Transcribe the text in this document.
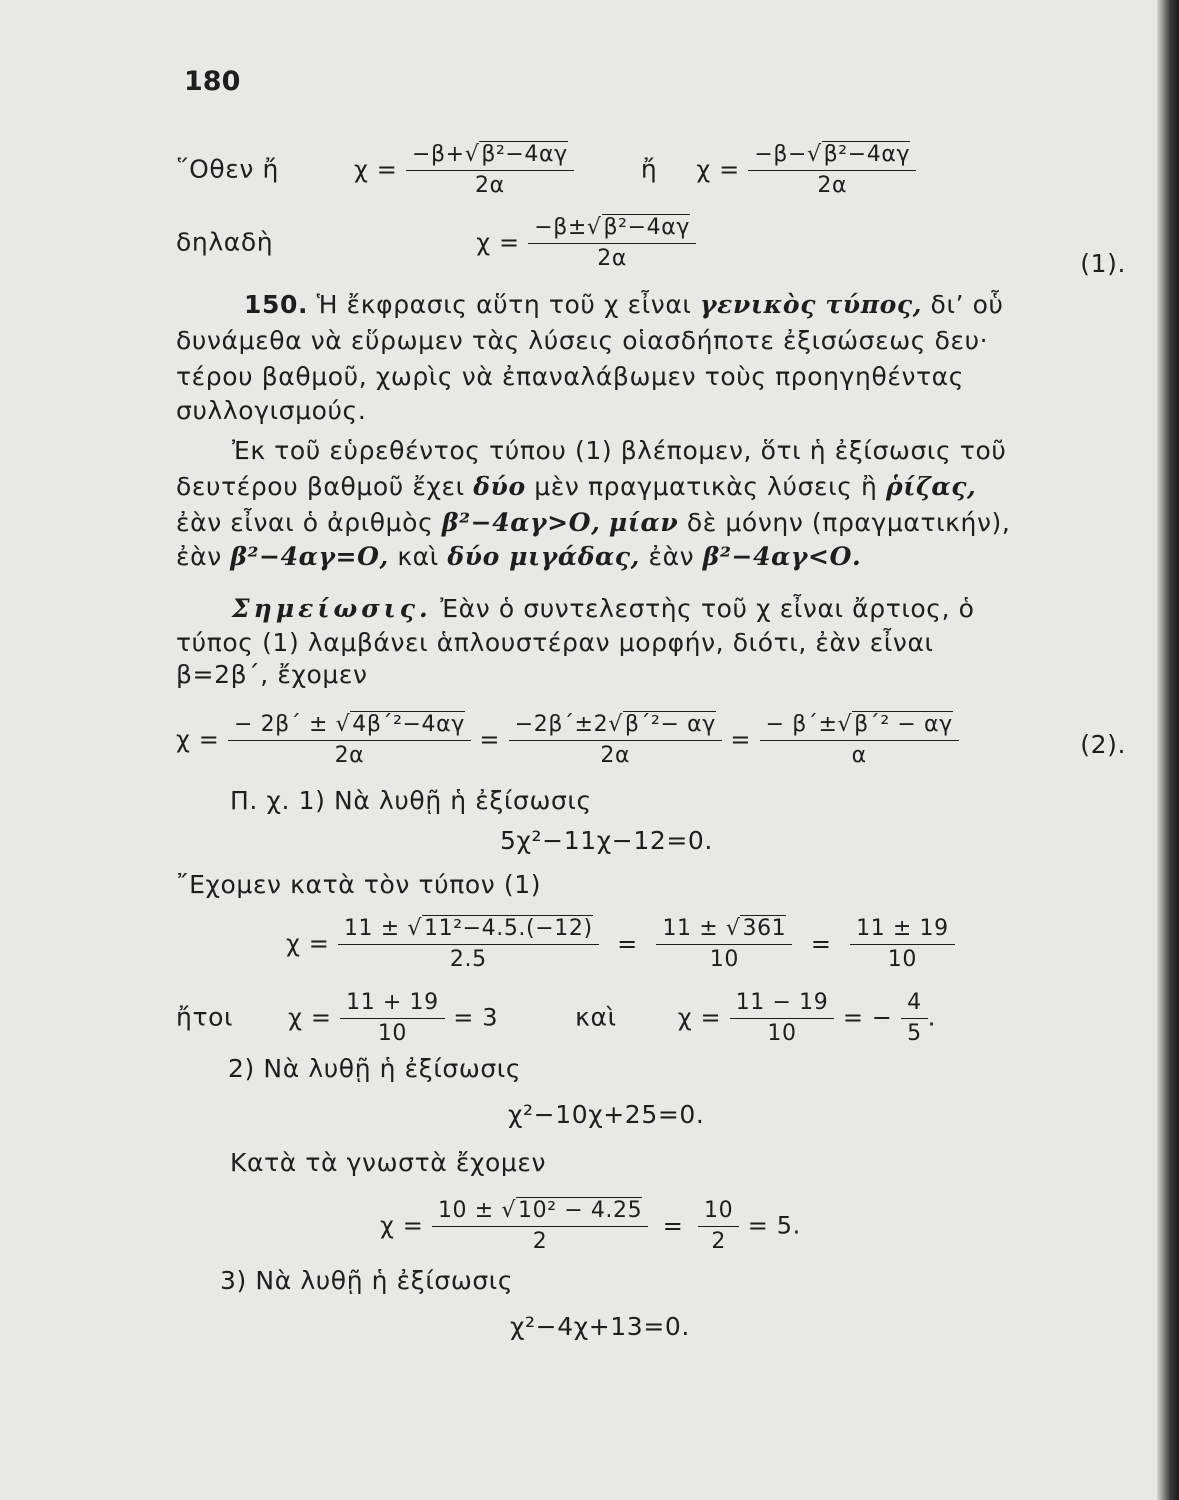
180
῞Οθεν ἤ	$\chi = \frac{\text{−β+√β²−4αγ}}{2\alpha}$	ἤ $\chi = \frac{\text{−β−√β²−4αγ}}{2\alpha}$
δηλαδὴ	$\chi = \frac{\text{−β±√β²−4αγ}}{2\alpha}$	(1).
150. Ἡ ἔκφρασις αὕτη τοῦ χ εἶναι γενικὸς τύπος, δι’ οὗ
δυνάμεθα νὰ εὕρωμεν τὰς λύσεις οἱασδήποτε ἐξισώσεως δευ·
τέρου βαθμοῦ, χωρὶς νὰ ἐπαναλάβωμεν τοὺς προηγηθέντας
συλλογισμούς.
Ἐκ τοῦ εὑρεθέντος τύπου (1) βλέπομεν, ὅτι ἡ ἐξίσωσις τοῦ
δευτέρου βαθμοῦ ἔχει δύο μὲν πραγματικὰς λύσεις ἢ ῥίζας,
ἐὰν εἶναι ὁ ἀριθμὸς β²−4αγ>Ο, μίαν δὲ μόνην (πραγματικήν),
ἐὰν β²−4αγ=Ο, καὶ δύο μιγάδας, ἐὰν β²−4αγ<Ο.
Σημείωσις. Ἐὰν ὁ συντελεστὴς τοῦ χ εἶναι ἄρτιος, ὁ
τύπος (1) λαμβάνει ἁπλουστέραν μορφήν, διότι, ἐὰν εἶναι
β=2β΄, ἔχομεν
$\chi = \frac{\text{− 2β΄ ± √4β΄²−4αγ}}{2\alpha} = \frac{\text{−2β΄±2√β΄²− αγ}}{2\alpha} = \frac{\text{− β΄±√β΄² − αγ}}{\alpha}$	(2).
Π. χ. 1) Νὰ λυθῇ ἡ ἐξίσωσις
5χ²−11χ−12=0.
῎Εχομεν κατὰ τὸν τύπον (1)
$\chi = \frac{\text{11 ± √11²−4.5.(−12)}}{2.5} = \frac{11 \pm √361}{10} = \frac{11 \pm 19}{10}$
ἤτοι $\chi = \frac{11 + 19}{10} = 3$	καὶ	$\chi = \frac{11 - 19}{10}$ = − $\frac{4}{5}$ .
2) Νὰ λυθῇ ἡ ἐξίσωσις
χ²−10χ+25=0.
Κατὰ τὰ γνωστὰ ἔχομεν
$\chi = \frac{\text{10 ± √10² − 4.25}}{2} = \frac{10}{2} = 5$.
3) Νὰ λυθῇ ἡ ἐξίσωσις
χ²−4χ+13=0.
